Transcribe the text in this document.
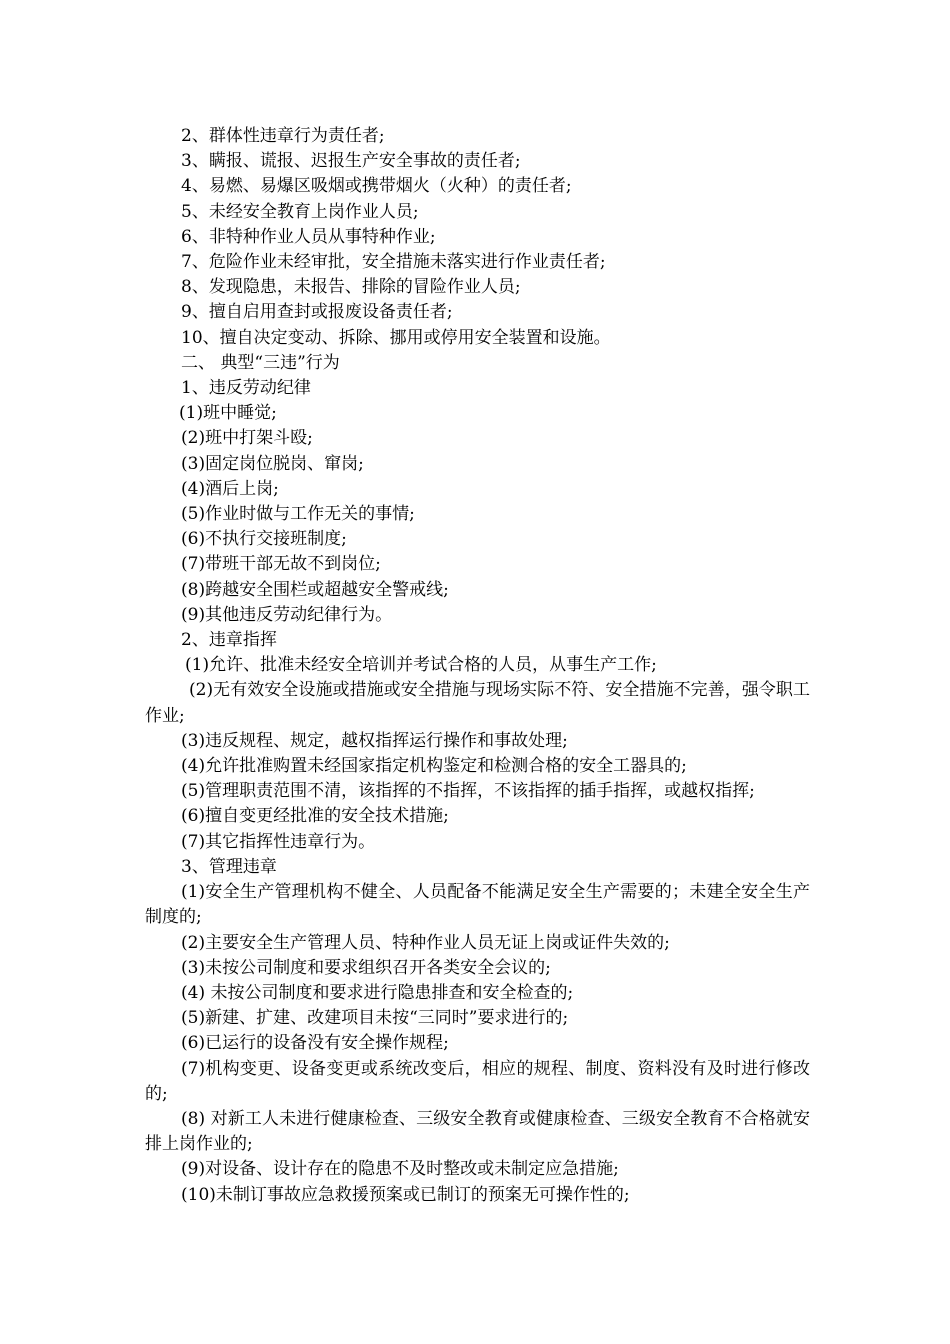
2、群体性违章行为责任者;

3、瞒报、谎报、迟报生产安全事故的责任者;

4、易燃、易爆区吸烟或携带烟火（火种）的责任者;

5、未经安全教育上岗作业人员;

6、非特种作业人员从事特种作业;

7、危险作业未经审批，安全措施未落实进行作业责任者;

8、发现隐患，未报告、排除的冒险作业人员;

9、擅自启用查封或报废设备责任者;

10、擅自决定变动、拆除、挪用或停用安全装置和设施。

二、 典型“三违”行为

1、违反劳动纪律

(1)班中睡觉;

(2)班中打架斗殴;

(3)固定岗位脱岗、窜岗;

(4)酒后上岗;

(5)作业时做与工作无关的事情;

(6)不执行交接班制度;

(7)带班干部无故不到岗位;

(8)跨越安全围栏或超越安全警戒线;

(9)其他违反劳动纪律行为。

2、违章指挥

(1)允许、批准未经安全培训并考试合格的人员，从事生产工作;

(2)无有效安全设施或措施或安全措施与现场实际不符、安全措施不完善，强令职工作业;

(3)违反规程、规定，越权指挥运行操作和事故处理;

(4)允许批准购置未经国家指定机构鉴定和检测合格的安全工器具的;

(5)管理职责范围不清，该指挥的不指挥，不该指挥的插手指挥，或越权指挥;

(6)擅自变更经批准的安全技术措施;

(7)其它指挥性违章行为。

3、管理违章

(1)安全生产管理机构不健全、人员配备不能满足安全生产需要的；未建全安全生产制度的;

(2)主要安全生产管理人员、特种作业人员无证上岗或证件失效的;

(3)未按公司制度和要求组织召开各类安全会议的;

(4) 未按公司制度和要求进行隐患排查和安全检查的;

(5)新建、扩建、改建项目未按“三同时”要求进行的;

(6)已运行的设备没有安全操作规程;

(7)机构变更、设备变更或系统改变后，相应的规程、制度、资料没有及时进行修改的;

(8) 对新工人未进行健康检查、三级安全教育或健康检查、三级安全教育不合格就安排上岗作业的;

(9)对设备、设计存在的隐患不及时整改或未制定应急措施;

(10)未制订事故应急救援预案或已制订的预案无可操作性的;
